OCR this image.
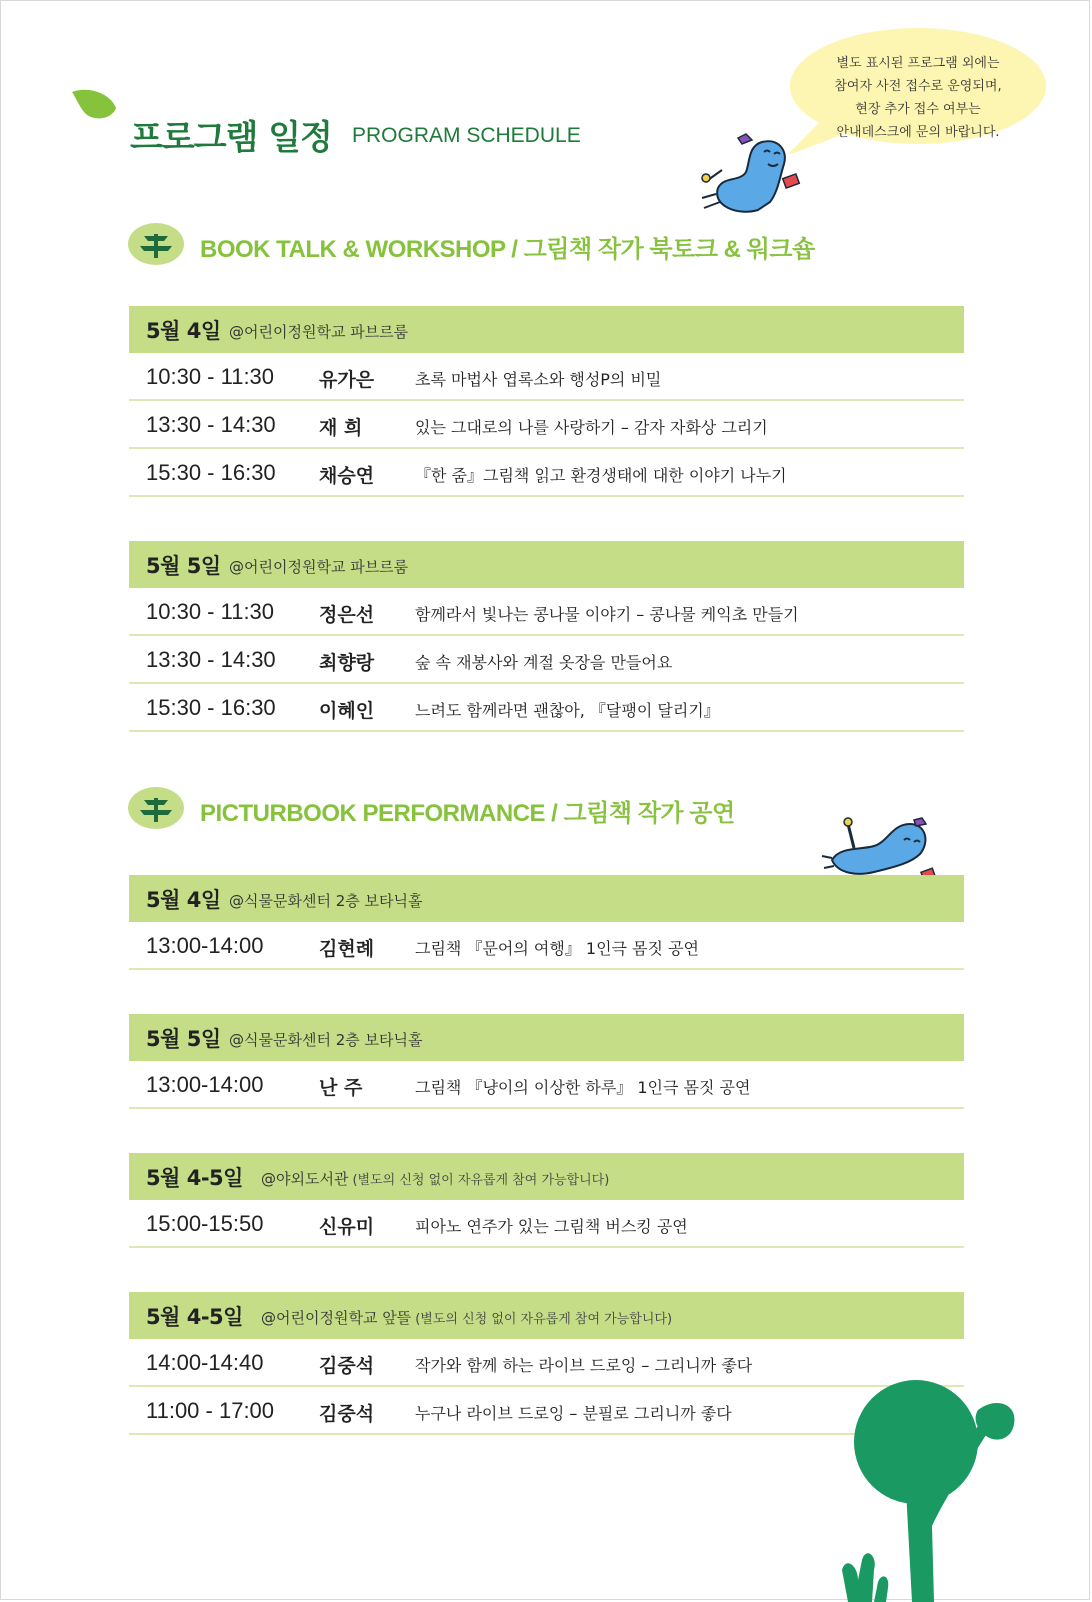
프로그램 일정 PROGRAM SCHEDULE
별도 표시된 프로그램 외에는
참여자 사전 접수로 운영되며,
현장 추가 접수 여부는
안내데스크에 문의 바랍니다.
BOOK TALK & WORKSHOP / 그림책 작가 북토크 & 워크숍
5월 4일 @어린이정원학교 파브르룸
10:30 - 11:30 유가은	초록 마법사 엽록소와 행성P의 비밀
13:30 - 14:30 재 희	있는 그대로의 나를 사랑하기 – 감자 자화상 그리기
15:30 - 16:30 채승연	『한 줌』그림책 읽고 환경생태에 대한 이야기 나누기
5월 5일 @어린이정원학교 파브르룸
10:30 - 11:30 정은선	함께라서 빛나는 콩나물 이야기 – 콩나물 케익초 만들기
13:30 - 14:30 최향랑	숲 속 재봉사와 계절 옷장을 만들어요
15:30 - 16:30 이혜인	느려도 함께라면 괜찮아, 『달팽이 달리기』
PICTURBOOK PERFORMANCE / 그림책 작가 공연
5월 4일 @식물문화센터 2층 보타닉홀
13:00-14:00	김현례	그림책 『문어의 여행』 1인극 몸짓 공연
5월 5일 @식물문화센터 2층 보타닉홀
13:00-14:00	난 주	그림책 『냥이의 이상한 하루』 1인극 몸짓 공연
5월 4-5일 @야외도서관 (별도의 신청 없이 자유롭게 참여 가능합니다)
15:00-15:50	신유미	피아노 연주가 있는 그림책 버스킹 공연
5월 4-5일 @어린이정원학교 앞뜰 (별도의 신청 없이 자유롭게 참여 가능합니다)
14:00-14:40	김중석	작가와 함께 하는 라이브 드로잉 – 그리니까 좋다
11:00 - 17:00 김중석	누구나 라이브 드로잉 – 분필로 그리니까 좋다
